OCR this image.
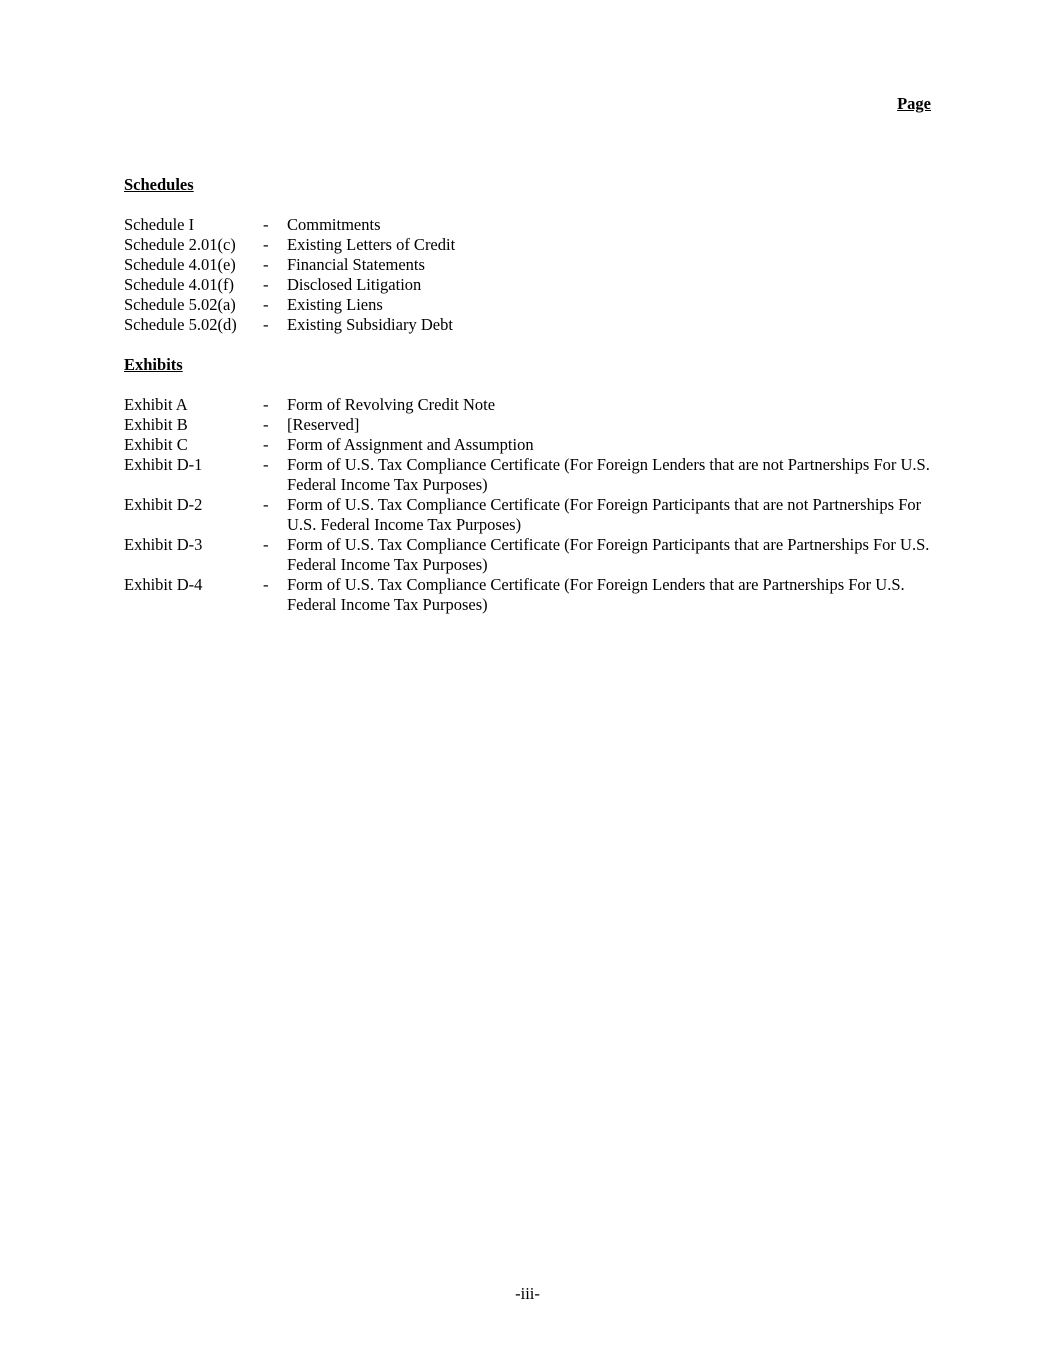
Page
Schedules
Schedule I	-	Commitments
Schedule 2.01(c)	-	Existing Letters of Credit
Schedule 4.01(e)	-	Financial Statements
Schedule 4.01(f)	-	Disclosed Litigation
Schedule 5.02(a)	-	Existing Liens
Schedule 5.02(d)	-	Existing Subsidiary Debt
Exhibits
Exhibit A	-	Form of Revolving Credit Note
Exhibit B	-	[Reserved]
Exhibit C	-	Form of Assignment and Assumption
Exhibit D-1	-	Form of U.S. Tax Compliance Certificate (For Foreign Lenders that are not Partnerships For U.S. Federal Income Tax Purposes)
Exhibit D-2	-	Form of U.S. Tax Compliance Certificate (For Foreign Participants that are not Partnerships For U.S. Federal Income Tax Purposes)
Exhibit D-3	-	Form of U.S. Tax Compliance Certificate (For Foreign Participants that are Partnerships For U.S. Federal Income Tax Purposes)
Exhibit D-4	-	Form of U.S. Tax Compliance Certificate (For Foreign Lenders that are Partnerships For U.S. Federal Income Tax Purposes)
-iii-
